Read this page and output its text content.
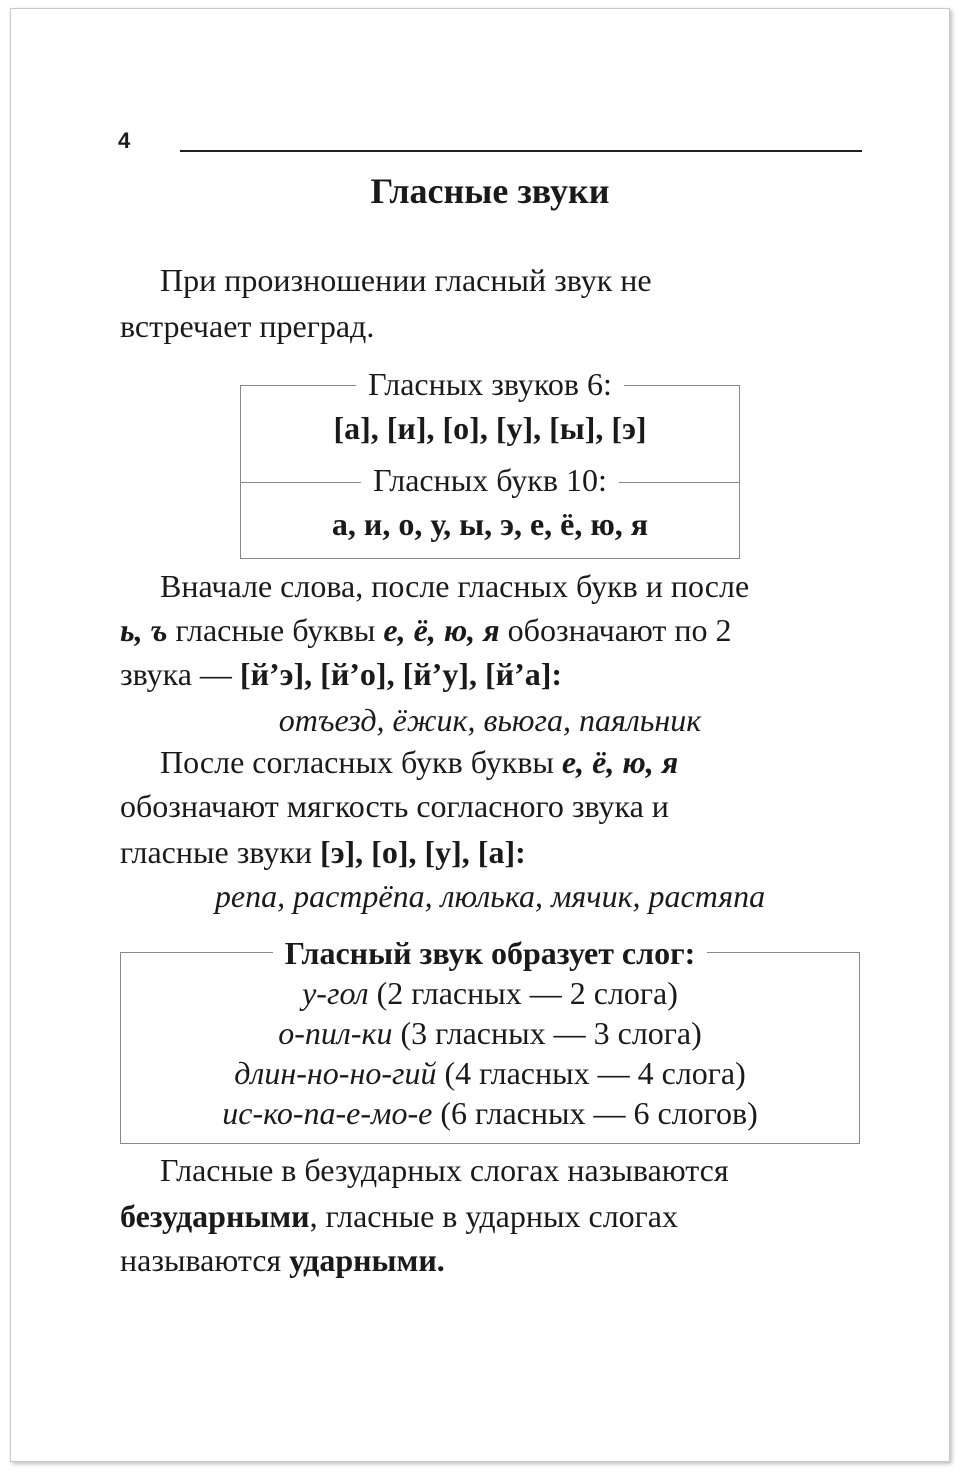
4
Гласные звуки
При произношении гласный звук не
встречает преград.
Гласных звуков 6:
[а], [и], [о], [у], [ы], [э]
Гласных букв 10:
а, и, о, у, ы, э, е, ё, ю, я
Вначале слова, после гласных букв и после
ь, ъ гласные буквы е, ё, ю, я обозначают по 2
звука — [й’э], [й’о], [й’у], [й’а]:
отъезд, ёжик, вьюга, паяльник
После согласных букв буквы е, ё, ю, я
обозначают мягкость согласного звука и
гласные звуки [э], [о], [у], [а]:
репа, растрёпа, люлька, мячик, растяпа
Гласный звук образует слог:
у-гол (2 гласных — 2 слога)
о-пил-ки (3 гласных — 3 слога)
длин-но-но-гий (4 гласных — 4 слога)
ис-ко-па-е-мо-е (6 гласных — 6 слогов)
Гласные в безударных слогах называются
безударными, гласные в ударных слогах
называются ударными.
